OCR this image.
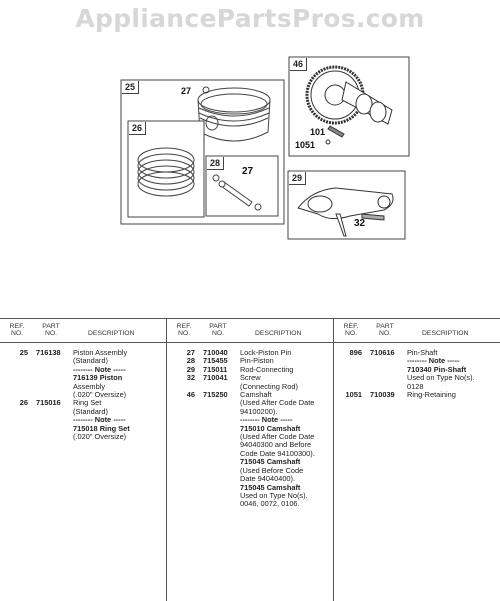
AppliancePartsPros.com
25	27
26
28
27
46
101
1051
29
32
REF.
NO.
PART
NO.	DESCRIPTION
25 716138	Piston Assembly
(Standard)
-------- Note -----
716139 Piston
Assembly
(.020" Oversize)
26 715016	Ring Set
(Standard)
-------- Note -----
715018 Ring Set
(.020" Oversize)
REF.
NO.
PART
NO.	DESCRIPTION
27 710040	Lock-Piston Pin
28 715455	Pin-Piston
29 715011	Rod-Connecting
32 710041	Screw
(Connecting Rod)
46 715250	Camshaft
(Used After Code Date
94100200).
-------- Note -----
715010 Camshaft
(Used After Code Date
94040300 and Before
Code Date 94100300).
715045 Camshaft
(Used Before Code
Date 94040400).
715045 Camshaft
Used on Type No(s).
0046, 0072, 0106.
REF.
NO.
PART
NO.	DESCRIPTION
896 710616	Pin-Shaft
-------- Note -----
710340 Pin-Shaft
Used on Type No(s).
0128
1051 710039	Ring-Retaining
